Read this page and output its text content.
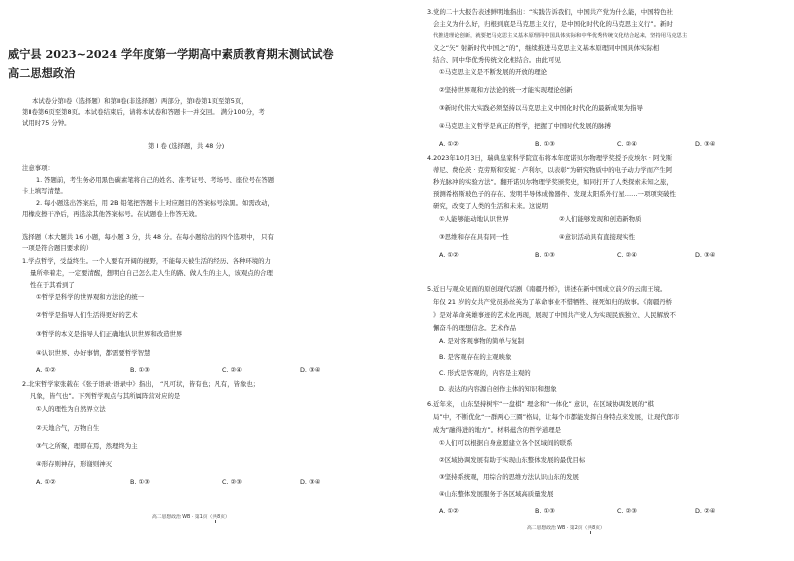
威宁县 2023~2024 学年度第一学期高中素质教育期末测试试卷
高二思想政治
本试卷分第Ⅰ卷（选择题）和第Ⅱ卷(非选择题）两部分，第Ⅰ卷第1页至第5页，
第Ⅱ卷第6页至第8页。本试卷结束后，请将本试卷和答题卡一并交回。 满分100分，考
试用时75 分钟。
第 Ⅰ 卷 (选择题，共 48 分)
注意事项：
1. 答题前，考生务必用黑色碳素笔将自己的姓名、准考证号、考场号、座位号在答题
卡上填写清楚。
2. 每小题选出答案后，用 2B 铅笔把答题卡上对应题目的答案标号涂黑。如需改动，
用橡皮擦干净后，再选涂其他答案标号。在试题卷上作答无效。
选择题（本大题共 16 小题，每小题 3 分，共 48 分。在每小题给出的四个选项中， 只有
一项是符合题目要求的）
1.学点哲学，受益终生。一个人要有开阔的视野，不能每天被生活的经历、各种环境的力
量所牵着走，一定要清醒，想明白自己怎么走人生的路、做人生的主人，该观点的合理
性在于其看到了
①哲学是科学的世界观和方法论的统一
②哲学是指导人们生活得更好的艺术
③哲学的本义是指导人们正确地认识世界和改造世界
④认识世界、办好事情，都需要哲学智慧
A. ①②	B. ①③	C. ②④	D. ③④
2.北宋哲学家张载在《张子语录·语录中》指出， “凡可状，皆有也；凡有，皆象也；
凡象，皆气也”。下列哲学观点与其所属阵营对应的是
①人的理性为自然界立法
②天地合气，万物自生
③气之所聚，理即在焉，然理终为主
④形存则神存，形谢则神灭
A. ①②	B. ①③	C. ②③	D. ③④
高二思想政治 WB · 第1页（共8页）
3.党的二十大报告表述鲜明地指出：“实践告诉我们，中国共产党为什么能，中国特色社
会主义为什么好，归根到底是马克思主义行，是中国化时代化的马克思主义行”。新时
代推进理论创新，就要把马克思主义基本原理同中国具体实际和中华优秀传统文化结合起来，坚持用马克思主
义之“矢” 射新时代中国之“的”，继续推进马克思主义基本原理同中国具体实际相
结合、同中华优秀传统文化相结合。由此可见
①马克思主义是不断发展的开放的理论
②坚持世界观和方法论的统一才能实现理论创新
③新时代伟大实践必须坚持以马克思主义中国化时代化的最新成果为指导
④马克思主义哲学是真正的哲学，把握了中国时代发展的脉搏
A. ①②	B. ①③	C. ②④	D. ③④
4.2023年10月3日，瑞典皇家科学院宣布将本年度诺贝尔物理学奖授予皮埃尔 · 阿戈斯
蒂尼、费伦茨 · 克劳斯和安妮 · 卢利尔，以表彰“为研究物质中的电子动力学而产生阿
秒光脉冲的实验方法”。翻开诺贝尔物理学奖颁奖史，如同打开了人类探索未知之旅，
预测希格斯玻色子的存在、发明半导体成像器件、发现太阳系外行星……一项项突破性
研究，改变了人类的生活和未来。这说明
①人能够能动地认识世界	②人们能够发现和创造新物质
③思维和存在具有同一性	④意识活动具有直接现实性
A. ①②	B. ①③	C. ②④	D. ③④
5.近日与观众见面的原创现代话剧《南疆丹桥》，讲述在新中国成立前夕的云南王境。
年仅 21 岁的女共产党员孙丝英为了革命事业不惜牺牲、视死如归的故事。《南疆丹桥
》是对革命英雄事迹的艺术化再现，展现了中国共产党人为实现民族独立、人民解放不
懈奋斗的理想信念。艺术作品
A. 是对客观事物的简单与复制
B. 是客观存在的主观映象
C. 形式是客观的，内容是主观的
D. 表达的内容源自创作主体的知识和想象
6.近年来， 山东坚持树牢“一盘棋” 理念和“一体化” 意识，在区域协调发展的“棋
局”中，不断优化“一群两心三圈”格局，让每个市都能发挥自身特点来发展，让现代郎市
成为“融得进的地方”。材料蕴含的哲学道理是
①人们可以根据自身意愿建立各个区域间的联系
②区域协调发展有助于实现山东整体发展的最优目标
③坚持系统观，用综合的思维方法认识山东的发展
④山东整体发展服务于各区域高质量发展
A. ①②	B. ①③	C. ②③	D. ②④
高二思想政治 WB · 第2页（共8页）
